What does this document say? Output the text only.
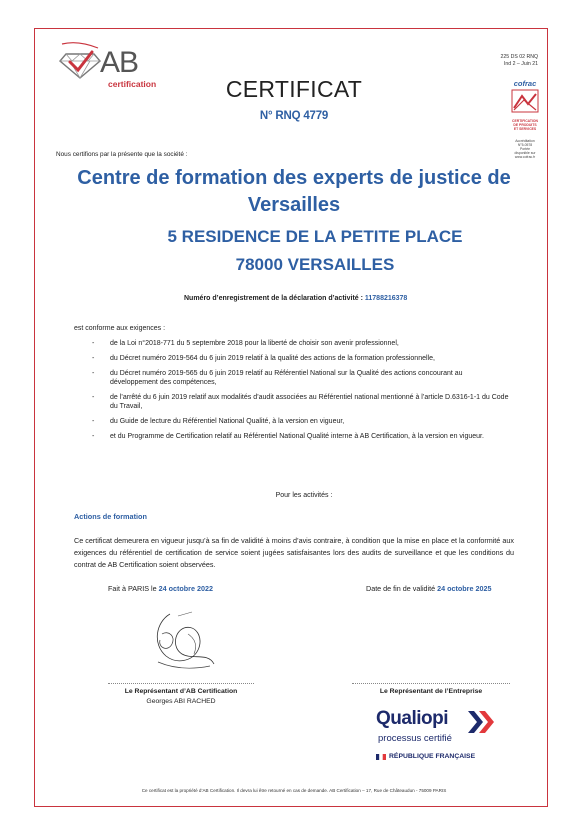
AB
certification
225 DS 02 RNQ
Ind 2 – Juin 21
cofrac
CERTIFICATION
DE PRODUITS
ET SERVICES
Accréditation
N°5-0578
Portée
disponible sur
www.cofrac.fr
CERTIFICAT
N° RNQ 4779
Nous certifions par la présente que la société :
Centre de formation des experts de justice de
Versailles
5 RESIDENCE DE LA PETITE PLACE
78000 VERSAILLES
Numéro d’enregistrement de la déclaration d’activité : 11788216378
est conforme aux exigences :
- de la Loi n°2018-771 du 5 septembre 2018 pour la liberté de choisir son avenir professionnel,
- du Décret numéro 2019-564 du 6 juin 2019 relatif à la qualité des actions de la formation professionnelle,
- du Décret numéro 2019-565 du 6 juin 2019 relatif au Référentiel National sur la Qualité des actions concourant au développement des compétences,
- de l’arrêté du 6 juin 2019 relatif aux modalités d’audit associées au Référentiel national mentionné à l’article D.6316-1-1 du Code du Travail,
- du Guide de lecture du Référentiel National Qualité, à la version en vigueur,
- et du Programme de Certification relatif au Référentiel National Qualité interne à AB Certification, à la version en vigueur.
Pour les activités :
Actions de formation
Ce certificat demeurera en vigueur jusqu’à sa fin de validité à moins d’avis contraire, à condition que la mise en place et la conformité aux exigences du référentiel de certification de service soient jugées satisfaisantes lors des audits de surveillance et que les conditions du contrat de AB Certification soient observées.
Fait à PARIS le 24 octobre 2022	Date de fin de validité 24 octobre 2025
Le Représentant d’AB Certification
Georges ABI RACHED
Le Représentant de l’Entreprise
Qualiopi
processus certifié
RÉPUBLIQUE FRANÇAISE
Ce certificat est la propriété d’AB Certification. Il devra lui être retourné en cas de demande. AB Certification – 17, Rue de Châteaudun - 75009 PARIS
